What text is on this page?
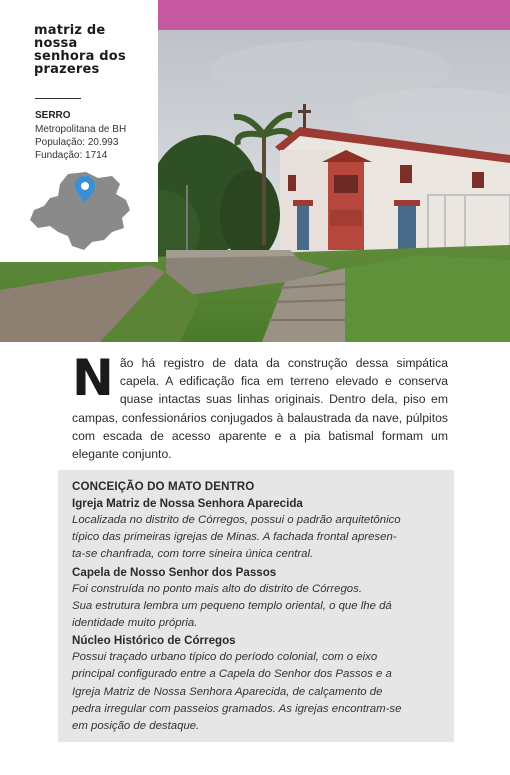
matriz de
nossa
senhora dos
prazeres
SERRO
Metropolitana de BH
População: 20.993
Fundação: 1714
Não há registro de data da construção dessa simpática capela. A edificação fica em terreno elevado e conserva quase intactas suas linhas originais. Dentro dela, piso em campas, confessionários conjugados à balaustrada da nave, púlpitos com escada de acesso aparente e a pia batismal formam um elegante conjunto.
CONCEIÇÃO DO MATO DENTRO
Igreja Matriz de Nossa Senhora Aparecida
Localizada no distrito de Córregos, possui o padrão arquitetônico
típico das primeiras igrejas de Minas. A fachada frontal apresen-
ta-se chanfrada, com torre sineira única central.
Capela de Nosso Senhor dos Passos
Foi construída no ponto mais alto do distrito de Córregos.
Sua estrutura lembra um pequeno templo oriental, o que lhe dá
identidade muito própria.
Núcleo Histórico de Córregos
Possui traçado urbano típico do período colonial, com o eixo
principal configurado entre a Capela do Senhor dos Passos e a
Igreja Matriz de Nossa Senhora Aparecida, de calçamento de
pedra irregular com passeios gramados. As igrejas encontram-se
em posição de destaque.
